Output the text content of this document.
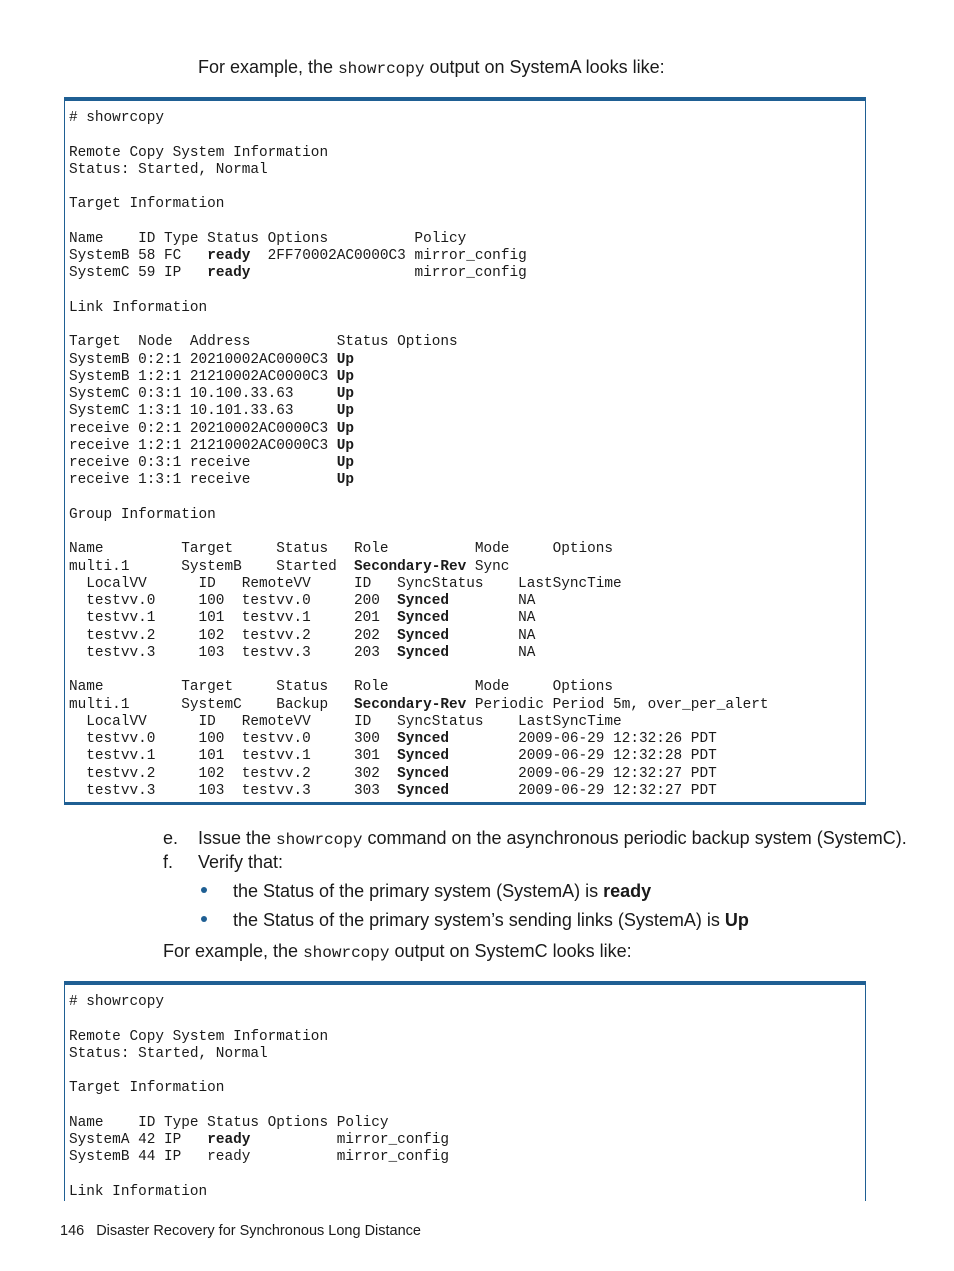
For example, the showrcopy output on SystemA looks like:
# showrcopy

Remote Copy System Information
Status: Started, Normal

Target Information

Name    ID Type Status Options          Policy
SystemB 58 FC   ready  2FF70002AC0000C3 mirror_config
SystemC 59 IP   ready                   mirror_config

Link Information

Target  Node  Address          Status Options
SystemB 0:2:1 20210002AC0000C3 Up
SystemB 1:2:1 21210002AC0000C3 Up
SystemC 0:3:1 10.100.33.63     Up
SystemC 1:3:1 10.101.33.63     Up
receive 0:2:1 20210002AC0000C3 Up
receive 1:2:1 21210002AC0000C3 Up
receive 0:3:1 receive          Up
receive 1:3:1 receive          Up

Group Information

Name         Target     Status   Role          Mode     Options
multi.1      SystemB    Started  Secondary-Rev Sync
LocalVV      ID   RemoteVV     ID   SyncStatus    LastSyncTime
testvv.0     100  testvv.0     200  Synced        NA
testvv.1     101  testvv.1     201  Synced        NA
testvv.2     102  testvv.2     202  Synced        NA
testvv.3     103  testvv.3     203  Synced        NA

Name         Target     Status   Role          Mode     Options
multi.1      SystemC    Backup   Secondary-Rev Periodic Period 5m, over_per_alert
LocalVV      ID   RemoteVV     ID   SyncStatus    LastSyncTime
testvv.0     100  testvv.0     300  Synced        2009-06-29 12:32:26 PDT
testvv.1     101  testvv.1     301  Synced        2009-06-29 12:32:28 PDT
testvv.2     102  testvv.2     302  Synced        2009-06-29 12:32:27 PDT
testvv.3     103  testvv.3     303  Synced        2009-06-29 12:32:27 PDT
e. Issue the showrcopy command on the asynchronous periodic backup system (SystemC).
f. Verify that:
the Status of the primary system (SystemA) is ready
the Status of the primary system’s sending links (SystemA) is Up
For example, the showrcopy output on SystemC looks like:
# showrcopy

Remote Copy System Information
Status: Started, Normal

Target Information

Name    ID Type Status Options Policy
SystemA 42 IP   ready          mirror_config
SystemB 44 IP   ready          mirror_config

Link Information
146 Disaster Recovery for Synchronous Long Distance
